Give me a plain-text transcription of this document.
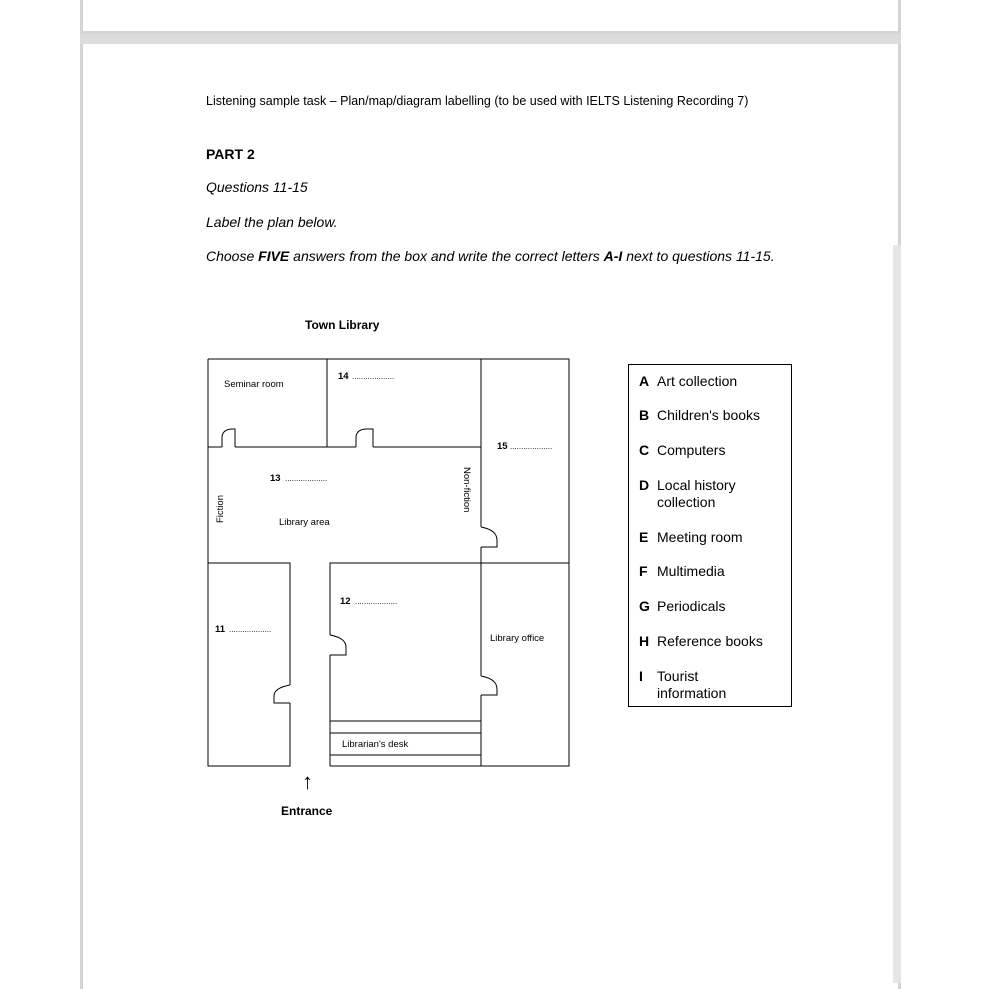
Listening sample task – Plan/map/diagram labelling (to be used with IELTS Listening Recording 7)
PART 2
Questions 11-15
Label the plan below.
Choose FIVE answers from the box and write the correct letters A-I next to questions 11-15.
Town Library
Seminar room
14 ...................
15 ...................
13 ...................
Library area
Fiction	Non-fiction
12 ...................
11 ...................
Library office
Librarian's desk
↑
Entrance
A Art collection
B Children's books
C Computers
D Local history collection
E Meeting room
F Multimedia
G Periodicals
H Reference books
I	Tourist information
